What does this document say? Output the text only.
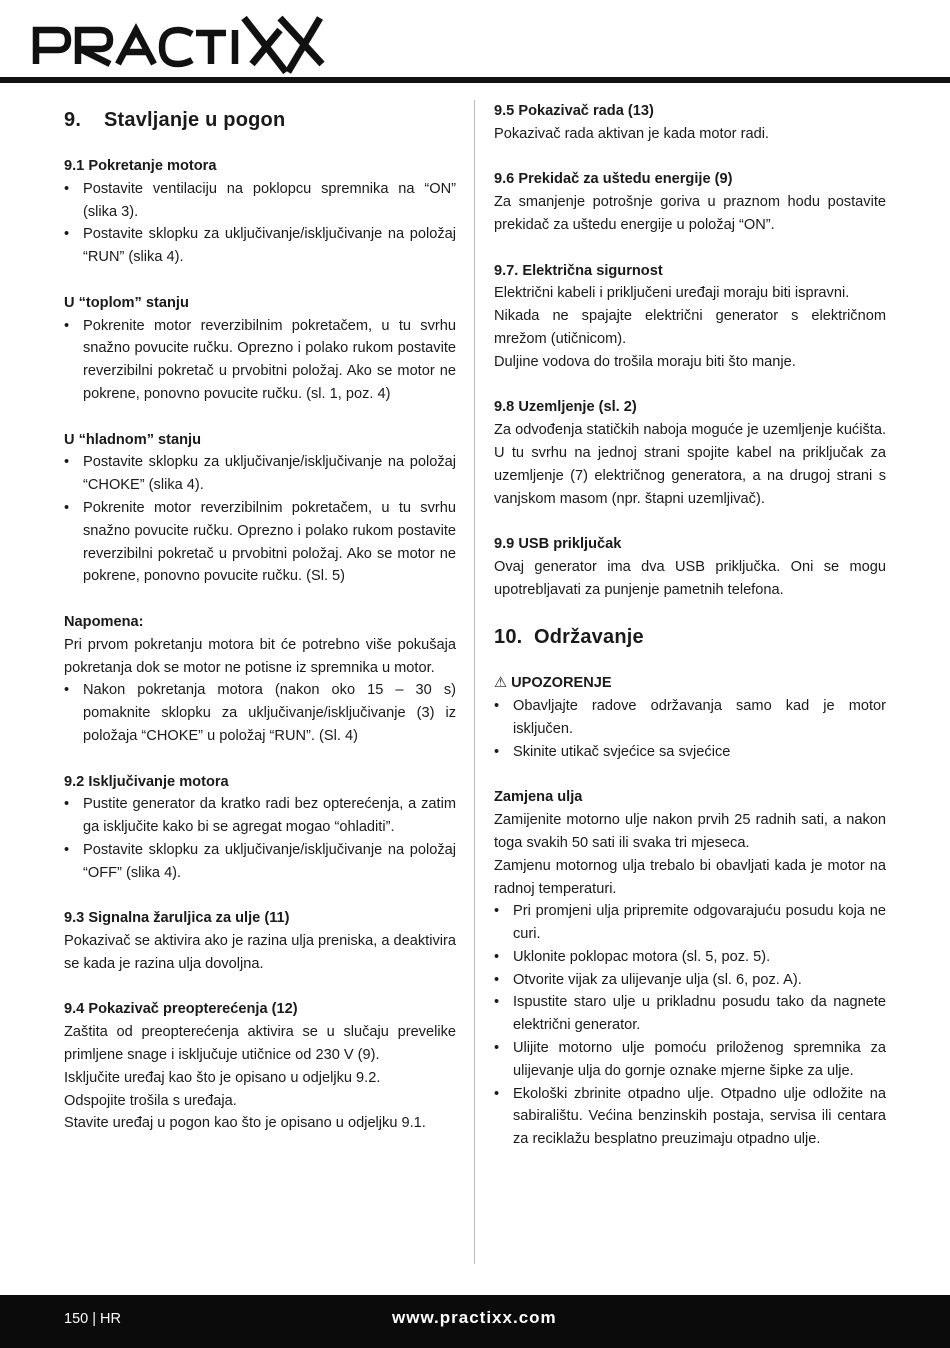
9. Stavljanje u pogon
9.1 Pokretanje motora
• Postavite ventilaciju na poklopcu spremnika na “ON” (slika 3).
• Postavite sklopku za uključivanje/isključivanje na položaj “RUN” (slika 4).
U “toplom” stanju
• Pokrenite motor reverzibilnim pokretačem, u tu svrhu snažno povucite ručku. Oprezno i polako rukom postavite reverzibilni pokretač u prvobitni položaj. Ako se motor ne pokrene, ponovno povucite ručku. (sl. 1, poz. 4)
U “hladnom” stanju
• Postavite sklopku za uključivanje/isključivanje na položaj “CHOKE” (slika 4).
• Pokrenite motor reverzibilnim pokretačem, u tu svrhu snažno povucite ručku. Oprezno i polako rukom postavite reverzibilni pokretač u prvobitni položaj. Ako se motor ne pokrene, ponovno povucite ručku. (Sl. 5)
Napomena:

Pri prvom pokretanju motora bit će potrebno više pokušaja pokretanja dok se motor ne potisne iz spremnika u motor.

• Nakon pokretanja motora (nakon oko 15 – 30 s) pomaknite sklopku za uključivanje/isključivanje (3) iz položaja “CHOKE” u položaj “RUN”. (Sl. 4)
9.2 Isključivanje motora
• Pustite generator da kratko radi bez opterećenja, a zatim ga isključite kako bi se agregat mogao “ohladiti”.
• Postavite sklopku za uključivanje/isključivanje na položaj “OFF” (slika 4).
9.3 Signalna žaruljica za ulje (11)

Pokazivač se aktivira ako je razina ulja preniska, a deaktivira se kada je razina ulja dovoljna.

9.4 Pokazivač preopterećenja (12)

Zaštita od preopterećenja aktivira se u slučaju prevelike primljene snage i isključuje utičnice od 230 V (9).

Isključite uređaj kao što je opisano u odjeljku 9.2.

Odspojite trošila s uređaja.

Stavite uređaj u pogon kao što je opisano u odjeljku 9.1.

9.5 Pokazivač rada (13)

Pokazivač rada aktivan je kada motor radi.

9.6 Prekidač za uštedu energije (9)

Za smanjenje potrošnje goriva u praznom hodu postavite prekidač za uštedu energije u položaj “ON”.

9.7. Električna sigurnost

Električni kabeli i priključeni uređaji moraju biti ispravni.

Nikada ne spajajte električni generator s električnom mrežom (utičnicom).

Duljine vodova do trošila moraju biti što manje.

9.8 Uzemljenje (sl. 2)

Za odvođenja statičkih naboja moguće je uzemljenje kućišta. U tu svrhu na jednoj strani spojite kabel na priključak za uzemljenje (7) električnog generatora, a na drugoj strani s vanjskom masom (npr. štapni uzemljivač).

9.9 USB priključak

Ovaj generator ima dva USB priključka. Oni se mogu upotrebljavati za punjenje pametnih telefona.

10. Održavanje
⚠ UPOZORENJE
• Obavljajte radove održavanja samo kad je motor isključen.
• Skinite utikač svjećice sa svjećice
Zamjena ulja

Zamijenite motorno ulje nakon prvih 25 radnih sati, a nakon toga svakih 50 sati ili svaka tri mjeseca.

Zamjenu motornog ulja trebalo bi obavljati kada je motor na radnoj temperaturi.

• Pri promjeni ulja pripremite odgovarajuću posudu koja ne curi.
• Uklonite poklopac motora (sl. 5, poz. 5).
• Otvorite vijak za ulijevanje ulja (sl. 6, poz. A).
• Ispustite staro ulje u prikladnu posudu tako da nagnete električni generator.
• Ulijite motorno ulje pomoću priloženog spremnika za ulijevanje ulja do gornje oznake mjerne šipke za ulje.
• Ekološki zbrinite otpadno ulje. Otpadno ulje odložite na sabiralištu. Većina benzinskih postaja, servisa ili centara za reciklažu besplatno preuzimaju otpadno ulje.
150 | HR	www.practixx.com
